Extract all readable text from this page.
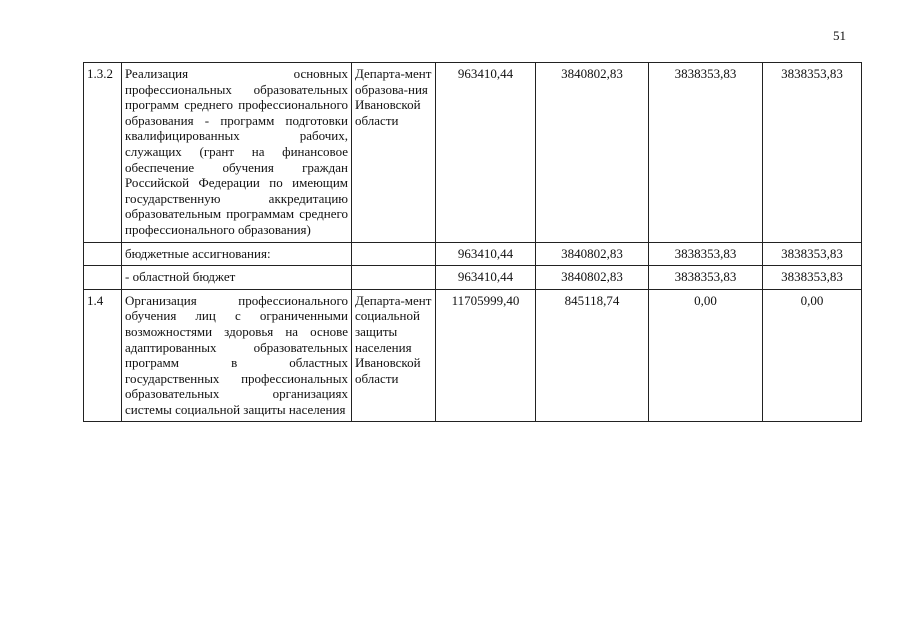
51
1.3.2	Реализация основных профессиональных образовательных программ среднего профессионального образования - программ подготовки квалифицированных рабочих, служащих (грант на финансовое обеспечение обучения граждан Российской Федерации по имеющим государственную аккредитацию образовательным программам среднего профессионального образования)	Департа-мент образова-ния Ивановской области	963410,44	3840802,83	3838353,83	3838353,83
	бюджетные ассигнования:		963410,44	3840802,83	3838353,83	3838353,83
	- областной бюджет		963410,44	3840802,83	3838353,83	3838353,83
1.4	Организация профессионального обучения лиц с ограниченными возможностями здоровья на основе адаптированных образовательных программ в областных государственных профессиональных образовательных организациях системы социальной защиты населения	Департа-мент социальной защиты населения Ивановской области	11705999,40	845118,74	0,00	0,00
